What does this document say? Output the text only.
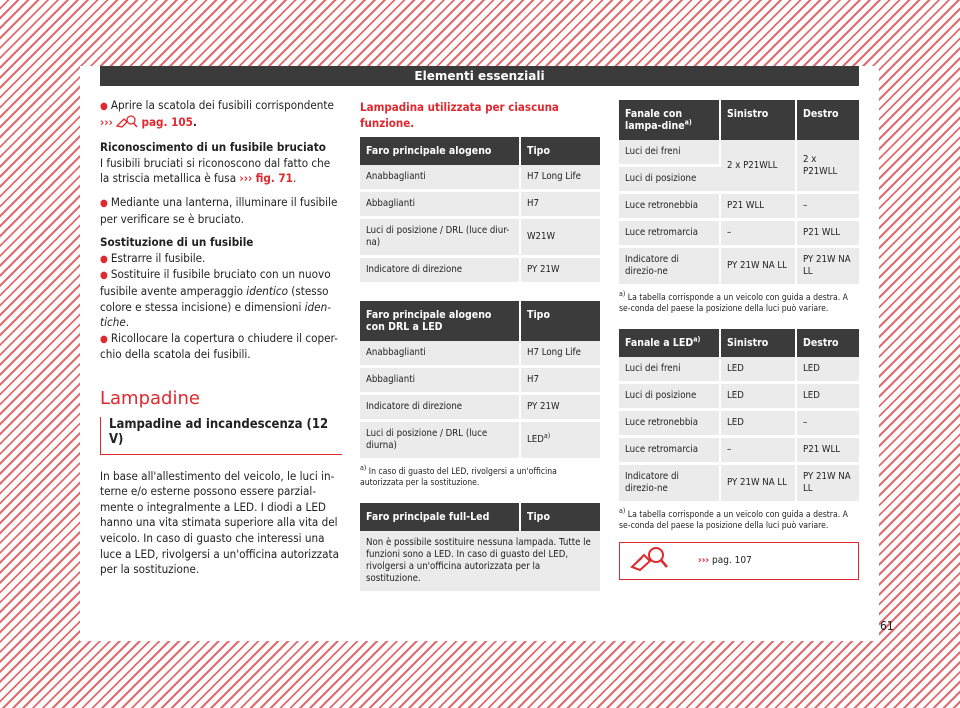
Elementi essenziali

● Aprire la scatola dei fusibili corrispondente
››› pag. 105.

Riconoscimento di un fusibile bruciato

I fusibili bruciati si riconoscono dal fatto che la striscia metallica è fusa ››› fig. 71.

● Mediante una lanterna, illuminare il fusibile per verificare se è bruciato.

Sostituzione di un fusibile

● Estrarre il fusibile.

● Sostituire il fusibile bruciato con un nuovo fusibile avente amperaggio identico (stesso colore e stessa incisione) e dimensioni iden-tiche.

● Ricollocare la copertura o chiudere il coper-chio della scatola dei fusibili.

Lampadine
Lampadine ad incandescenza (12 V)

In base all'allestimento del veicolo, le luci in-terne e/o esterne possono essere parzial-mente o integralmente a LED. I diodi a LED hanno una vita stimata superiore alla vita del veicolo. In caso di guasto che interessi una luce a LED, rivolgersi a un'officina autorizzata per la sostituzione.

Lampadina utilizzata per ciascuna funzione.
Faro principale alogeno	Tipo
Anabbaglianti	H7 Long Life
Abbaglianti	H7
Luci di posizione / DRL (luce diur-na)	W21W
Indicatore di direzione	PY 21W
Faro principale alogeno con DRL a LED	Tipo
Anabbaglianti	H7 Long Life
Abbaglianti	H7
Indicatore di direzione	PY 21W
Luci di posizione / DRL (luce diurna)	LED$^{a)}$
$^{a)}$ In caso di guasto del LED, rivolgersi a un'officina autorizzata per la sostituzione.
Faro principale full-Led	Tipo
Non è possibile sostituire nessuna lampada. Tutte le funzioni sono a LED. In caso di guasto del LED, rivolgersi a un'officina autorizzata per la sostituzione.
Fanale con lampa-dine$^{a)}$	Sinistro	Destro
Luci dei freni	2 x P21WLL	2 x P21WLL
Luci di posizione		
Luce retronebbia	P21 WLL	–
Luce retromarcia	–	P21 WLL
Indicatore di direzio-ne	PY 21W NA LL	PY 21W NA LL
$^{a)}$ La tabella corrisponde a un veicolo con guida a destra. A se-conda del paese la posizione della luci può variare.
Fanale a LED$^{a)}$	Sinistro	Destro
Luci dei freni	LED	LED
Luci di posizione	LED	LED
Luce retronebbia	LED	–
Luce retromarcia	–	P21 WLL
Indicatore di direzio-ne	PY 21W NA LL	PY 21W NA LL
$^{a)}$ La tabella corrisponde a un veicolo con guida a destra. A se-conda del paese la posizione della luci può variare.
›››
pag. 107
61
